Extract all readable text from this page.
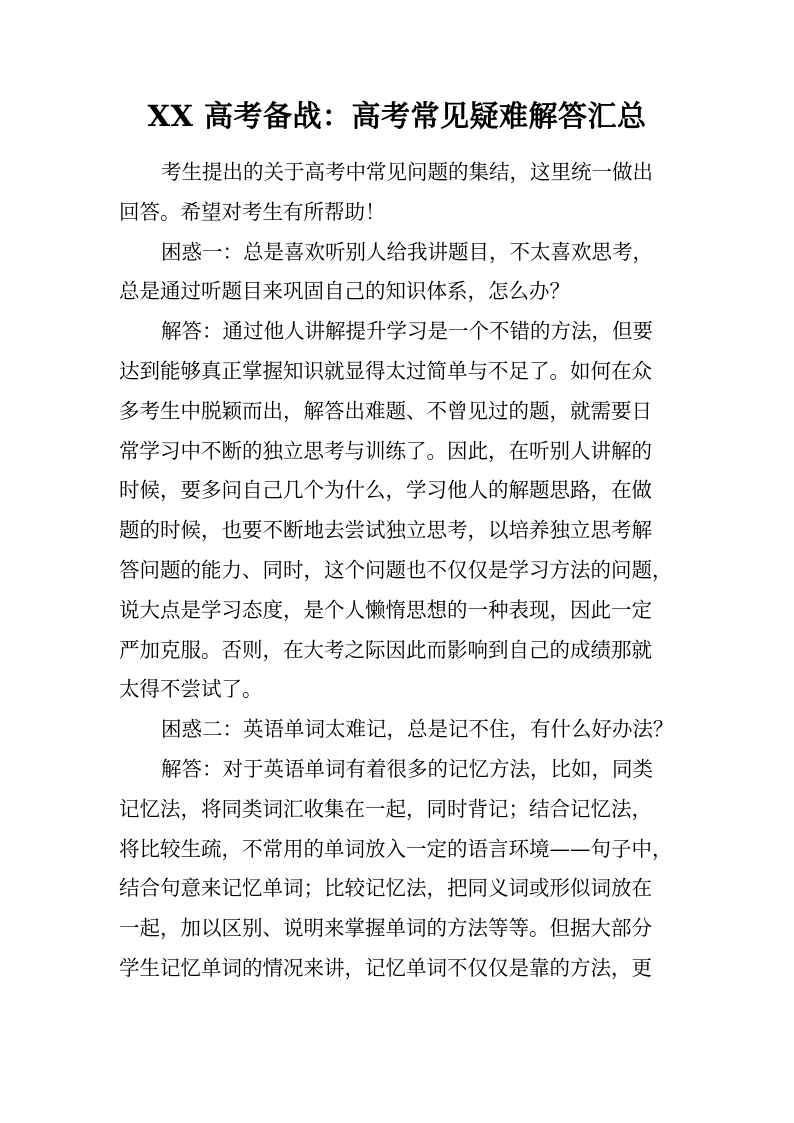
XX 高考备战：高考常见疑难解答汇总
考生提出的关于高考中常见问题的集结，这里统一做出
回答。希望对考生有所帮助！
困惑一：总是喜欢听别人给我讲题目，不太喜欢思考，
总是通过听题目来巩固自己的知识体系，怎么办？
解答：通过他人讲解提升学习是一个不错的方法，但要
达到能够真正掌握知识就显得太过简单与不足了。如何在众
多考生中脱颖而出，解答出难题、不曾见过的题，就需要日
常学习中不断的独立思考与训练了。因此，在听别人讲解的
时候，要多问自己几个为什么，学习他人的解题思路，在做
题的时候，也要不断地去尝试独立思考，以培养独立思考解
答问题的能力、同时，这个问题也不仅仅是学习方法的问题，
说大点是学习态度，是个人懒惰思想的一种表现，因此一定
严加克服。否则，在大考之际因此而影响到自己的成绩那就
太得不尝试了。
困惑二：英语单词太难记，总是记不住，有什么好办法？
解答：对于英语单词有着很多的记忆方法，比如，同类
记忆法，将同类词汇收集在一起，同时背记；结合记忆法，
将比较生疏，不常用的单词放入一定的语言环境——句子中，
结合句意来记忆单词；比较记忆法，把同义词或形似词放在
一起，加以区别、说明来掌握单词的方法等等。但据大部分
学生记忆单词的情况来讲，记忆单词不仅仅是靠的方法，更
